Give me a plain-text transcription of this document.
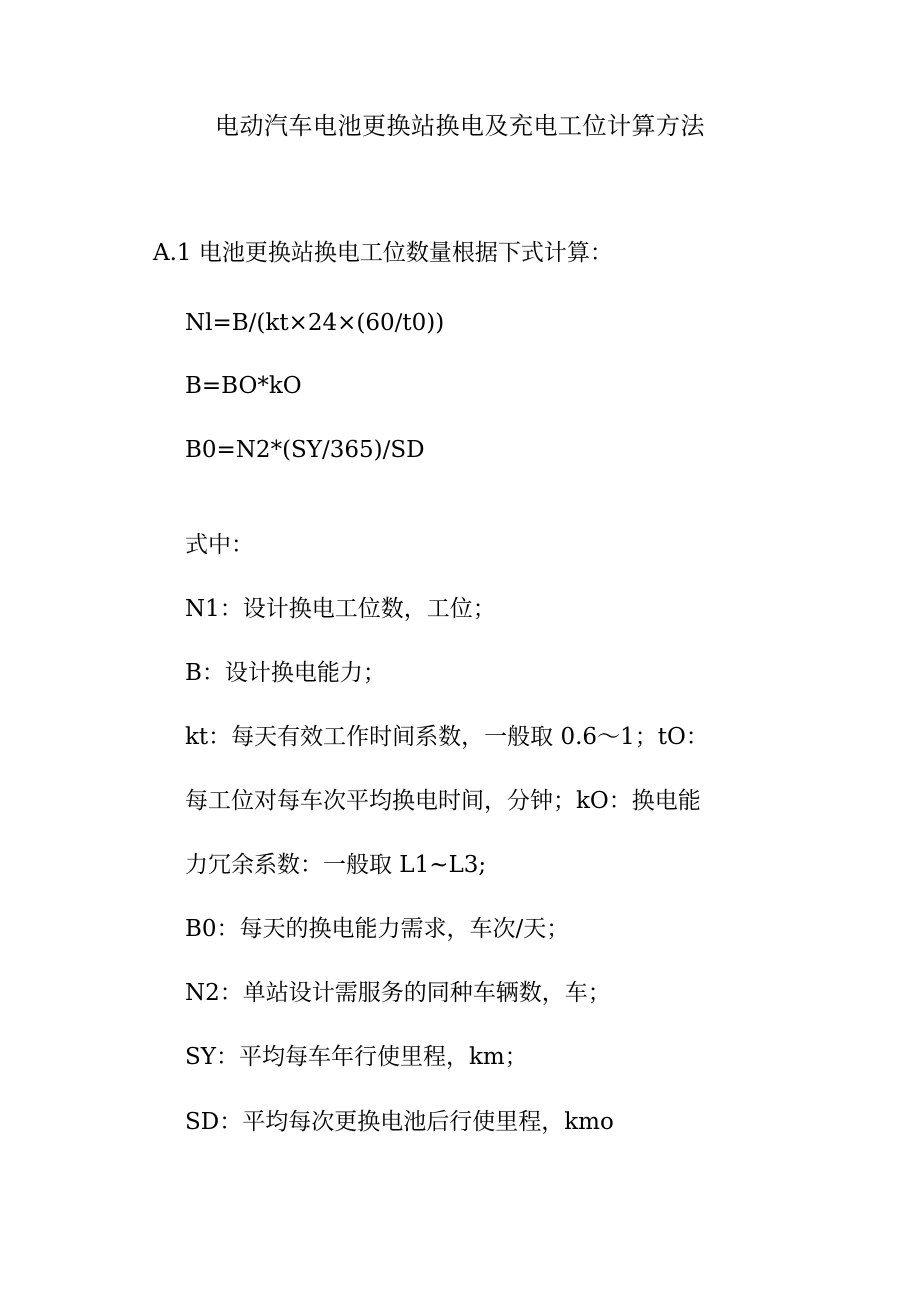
电动汽车电池更换站换电及充电工位计算方法
A.1 电池更换站换电工位数量根据下式计算：
Nl=B∕(kt×24×(60∕t0))
B=BO*kO
B0=N2*(SY∕365)∕SD
式中：
N1：设计换电工位数，工位；
B：设计换电能力；
kt：每天有效工作时间系数，一般取 0.6～1；tO：
每工位对每车次平均换电时间，分钟；kO：换电能
力冗余系数：一般取 L1~L3;
B0：每天的换电能力需求，车次/天；
N2：单站设计需服务的同种车辆数，车；
SY：平均每车年行使里程，km；
SD：平均每次更换电池后行使里程，kmo
